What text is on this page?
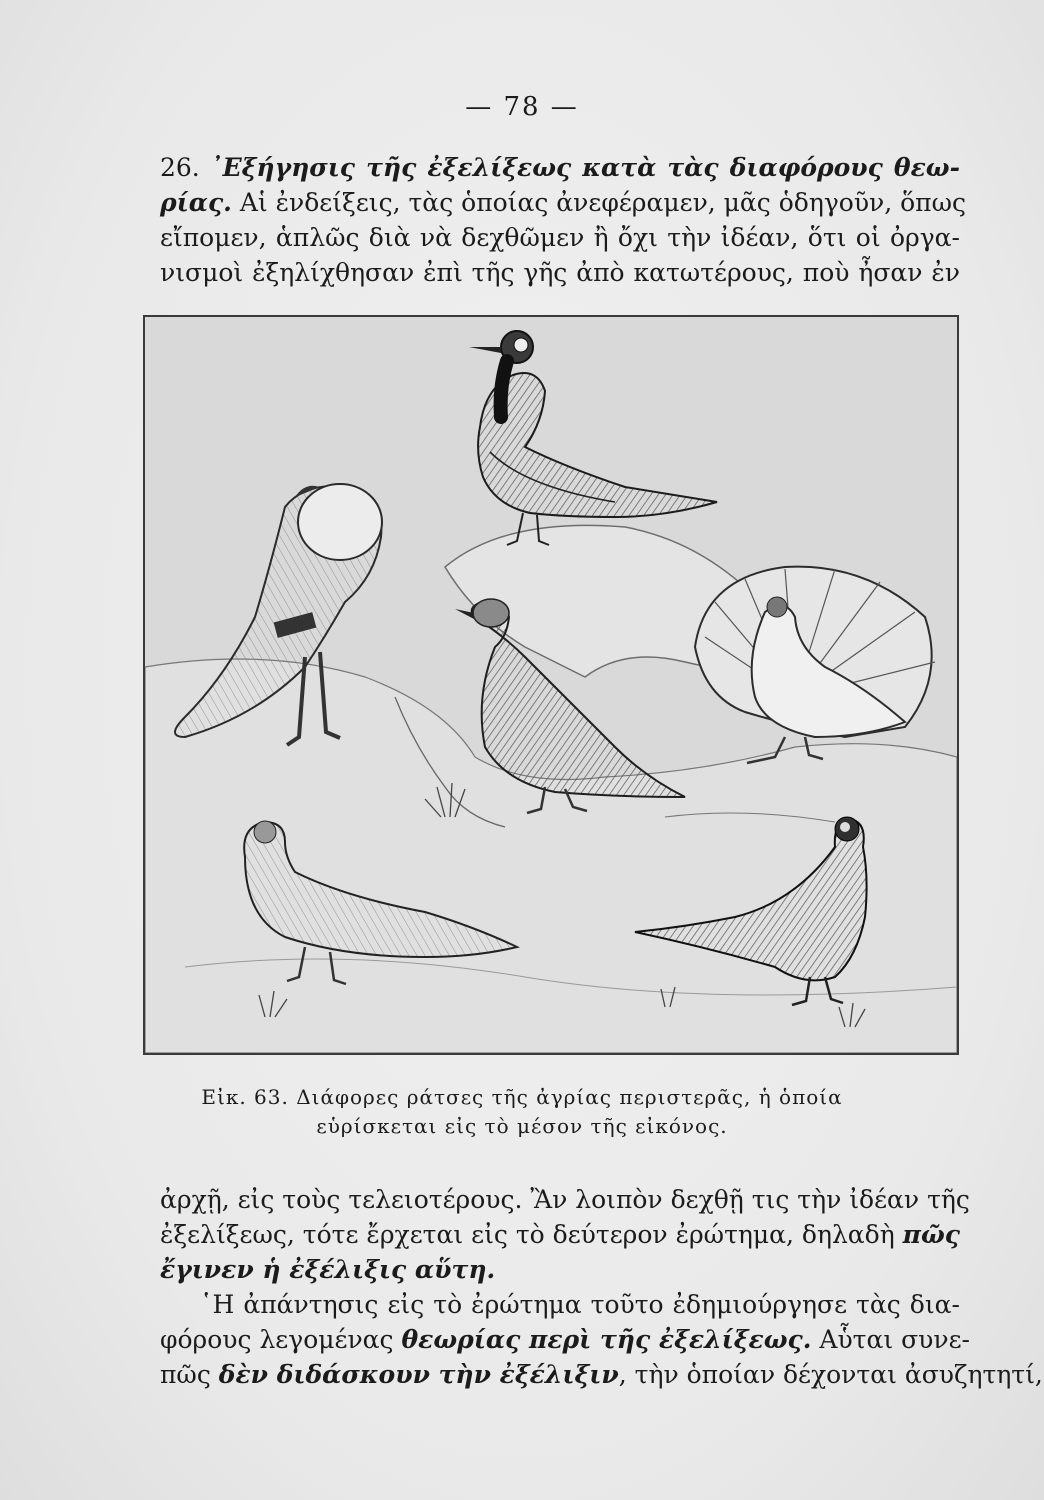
— 78 —

26. ᾿Εξήγησις τῆς ἐξελίξεως κατὰ τὰς διαφόρους θεω-
ρίας. Αἱ ἐνδείξεις, τὰς ὁποίας ἀνεφέραμεν, μᾶς ὁδηγοῦν, ὅπως
εἴπομεν, ἁπλῶς διὰ νὰ δεχθῶμεν ἢ ὄχι τὴν ἰδέαν, ὅτι οἱ ὀργα-
νισμοὶ ἐξηλίχθησαν ἐπὶ τῆς γῆς ἀπὸ κατωτέρους, ποὺ ἦσαν ἐν

Εἰκ. 63. Διάφορες ράτσες τῆς ἀγρίας περιστερᾶς, ἡ ὁποία
εὑρίσκεται εἰς τὸ μέσον τῆς εἰκόνος.

ἀρχῇ, εἰς τοὺς τελειοτέρους. Ἂν λοιπὸν δεχθῇ τις τὴν ἰδέαν τῆς
ἐξελίξεως, τότε ἔρχεται εἰς τὸ δεύτερον ἐρώτημα, δηλαδὴ πῶς
ἔγινεν ἡ ἐξέλιξις αὕτη.
῾Η ἀπάντησις εἰς τὸ ἐρώτημα τοῦτο ἐδημιούργησε τὰς δια-
φόρους λεγομένας θεωρίας περὶ τῆς ἐξελίξεως. Αὗται συνε-
πῶς δὲν διδάσκουν τὴν ἐξέλιξιν, τὴν ὁποίαν δέχονται ἀσυζητητί,
